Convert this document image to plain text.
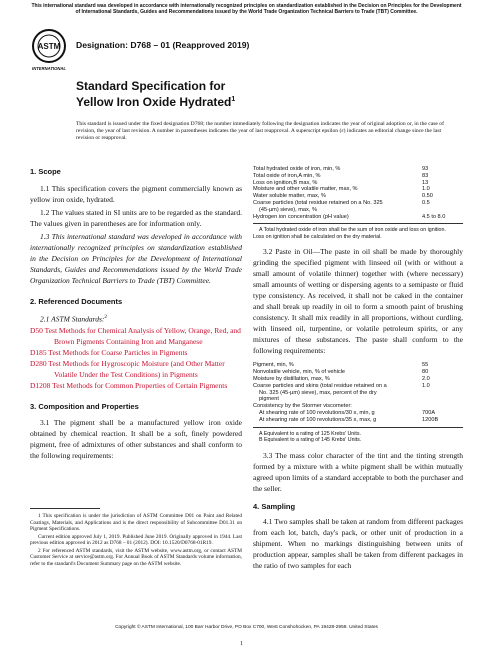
This international standard was developed in accordance with internationally recognized principles on standardization established in the Decision on Principles for the Development of International Standards, Guides and Recommendations issued by the World Trade Organization Technical Barriers to Trade (TBT) Committee.
ASTM
INTERNATIONAL
Designation: D768 – 01 (Reapproved 2019)
Standard Specification for
Yellow Iron Oxide Hydrated$^1$
This standard is issued under the fixed designation D768; the number immediately following the designation indicates the year of original adoption or, in the case of revision, the year of last revision. A number in parentheses indicates the year of last reapproval. A superscript epsilon (ε) indicates an editorial change since the last revision or reapproval.

1. Scope

1.1 This specification covers the pigment commercially known as yellow iron oxide, hydrated.

1.2 The values stated in SI units are to be regarded as the standard. The values given in parentheses are for information only.

1.3 This international standard was developed in accordance with internationally recognized principles on standardization established in the Decision on Principles for the Development of International Standards, Guides and Recommendations issued by the World Trade Organization Technical Barriers to Trade (TBT) Committee.

2. Referenced Documents

2.1 ASTM Standards:$^2$

D50 Test Methods for Chemical Analysis of Yellow, Orange, Red, and Brown Pigments Containing Iron and Manganese

D185 Test Methods for Coarse Particles in Pigments

D280 Test Methods for Hygroscopic Moisture (and Other Matter Volatile Under the Test Conditions) in Pigments

D1208 Test Methods for Common Properties of Certain Pigments

3. Composition and Properties

3.1 The pigment shall be a manufactured yellow iron oxide obtained by chemical reaction. It shall be a soft, finely powdered pigment, free of admixtures of other substances and shall conform to the following requirements:

1 This specification is under the jurisdiction of ASTM Committee D01 on Paint and Related Coatings, Materials, and Applications and is the direct responsibility of Subcommittee D01.31 on Pigment Specifications.
Current edition approved July 1, 2019. Published June 2019. Originally approved in 1944. Last previous edition approved in 2012 as D768 – 01 (2012). DOI: 10.1520/D0768-01R19.
2 For referenced ASTM standards, visit the ASTM website, www.astm.org, or contact ASTM Customer Service at service@astm.org. For Annual Book of ASTM Standards volume information, refer to the standard's Document Summary page on the ASTM website.
Total hydrated oxide of iron, min, %	93
Total oxide of iron,A min, %	83
Loss on ignition,B max, %	13
Moisture and other volatile matter, max, %	1.0
Water soluble matter, max, %	0.50
Coarse particles (total residue retained on a No. 325	0.5
(45-µm) sieve), max, %
Hydrogen ion concentration (pH value)	4.5 to 8.0
A Total hydrated oxide of iron shall be the sum of iron oxide and loss on ignition.
Loss on ignition shall be calculated on the dry material.

3.2 Paste in Oil—The paste in oil shall be made by thoroughly grinding the specified pigment with linseed oil (with or without a small amount of volatile thinner) together with (where necessary) small amounts of wetting or dispersing agents to a semipaste or fluid type consistency. As received, it shall not be caked in the container and shall break up readily in oil to form a smooth paint of brushing consistency. It shall mix readily in all proportions, without curdling, with linseed oil, turpentine, or volatile petroleum spirits, or any mixtures of these substances. The paste shall conform to the following requirements:

Pigment, min, %	55
Nonvolatile vehicle, min, % of vehicle	80
Moisture by distillation, max, %	2.0
Coarse particles and skins (total residue retained on a	1.0
No. 325 (45-µm) sieve), max, percent of the dry
pigment
Consistency by the Stormer viscometer:
At shearing rate of 100 revolutions/30 s, min, g	700A
At shearing rate of 100 revolutions/35 s, max, g	1200B
A Equivalent to a rating of 125 Krebs' Units.
B Equivalent to a rating of 145 Krebs' Units.

3.3 The mass color character of the tint and the tinting strength formed by a mixture with a white pigment shall be within mutually agreed upon limits of a standard acceptable to both the purchaser and the seller.

4. Sampling

4.1 Two samples shall be taken at random from different packages from each lot, batch, day's pack, or other unit of production in a shipment. When no markings distinguishing between units of production appear, samples shall be taken from different packages in the ratio of two samples for each

Copyright © ASTM International, 100 Barr Harbor Drive, PO Box C700, West Conshohocken, PA 19428-2959. United States
1
